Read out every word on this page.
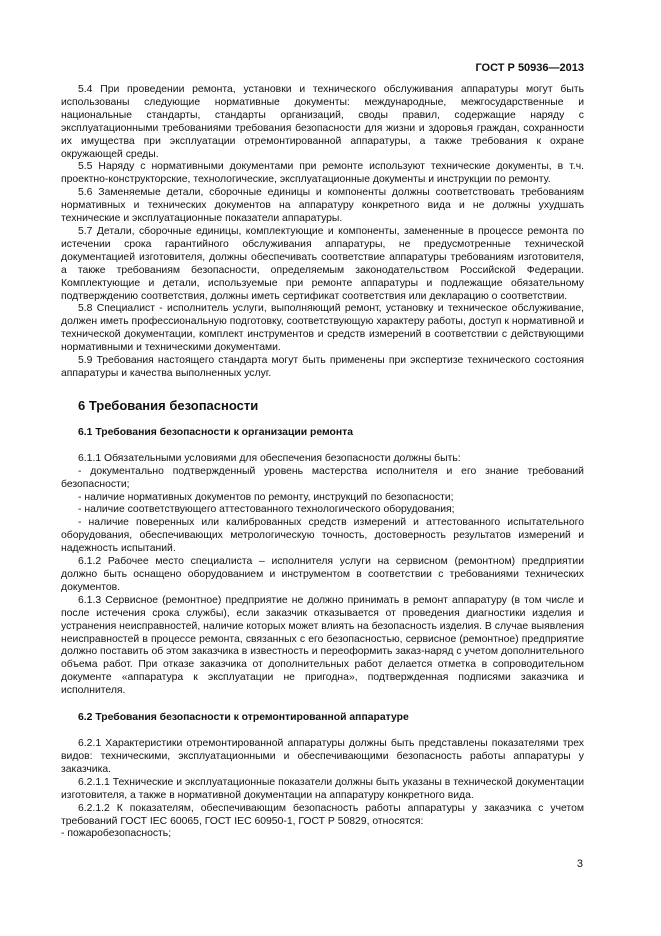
ГОСТ Р 50936—2013

5.4 При проведении ремонта, установки и технического обслуживания аппаратуры могут быть использованы следующие нормативные документы: международные, межгосударственные и национальные стандарты, стандарты организаций, своды правил, содержащие наряду с эксплуатационными требованиями требования безопасности для жизни и здоровья граждан, сохранности их имущества при эксплуатации отремонтированной аппаратуры, а также требования к охране окружающей среды.

5.5 Наряду с нормативными документами при ремонте используют технические документы, в т.ч. проектно-конструкторские, технологические, эксплуатационные документы и инструкции по ремонту.

5.6 Заменяемые детали, сборочные единицы и компоненты должны соответствовать требованиям нормативных и технических документов на аппаратуру конкретного вида и не должны ухудшать технические и эксплуатационные показатели аппаратуры.

5.7 Детали, сборочные единицы, комплектующие и компоненты, замененные в процессе ремонта по истечении срока гарантийного обслуживания аппаратуры, не предусмотренные технической документацией изготовителя, должны обеспечивать соответствие аппаратуры требованиям изготовителя, а также требованиям безопасности, определяемым законодательством Российской Федерации. Комплектующие и детали, используемые при ремонте аппаратуры и подлежащие обязательному подтверждению соответствия, должны иметь сертификат соответствия или декларацию о соответствии.

5.8 Специалист - исполнитель услуги, выполняющий ремонт, установку и техническое обслуживание, должен иметь профессиональную подготовку, соответствующую характеру работы, доступ к нормативной и технической документации, комплект инструментов и средств измерений в соответствии с действующими нормативными и техническими документами.

5.9 Требования настоящего стандарта могут быть применены при экспертизе технического состояния аппаратуры и качества выполненных услуг.

6 Требования безопасности
6.1 Требования безопасности к организации ремонта

6.1.1 Обязательными условиями для обеспечения безопасности должны быть:

- документально подтвержденный уровень мастерства исполнителя и его знание требований безопасности;

- наличие нормативных документов по ремонту, инструкций по безопасности;

- наличие соответствующего аттестованного технологического оборудования;

- наличие поверенных или калиброванных средств измерений и аттестованного испытательного оборудования, обеспечивающих метрологическую точность, достоверность результатов измерений и надежность испытаний.

6.1.2 Рабочее место специалиста – исполнителя услуги на сервисном (ремонтном) предприятии должно быть оснащено оборудованием и инструментом в соответствии с требованиями технических документов.

6.1.3 Сервисное (ремонтное) предприятие не должно принимать в ремонт аппаратуру (в том числе и после истечения срока службы), если заказчик отказывается от проведения диагностики изделия и устранения неисправностей, наличие которых может влиять на безопасность изделия. В случае выявления неисправностей в процессе ремонта, связанных с его безопасностью, сервисное (ремонтное) предприятие должно поставить об этом заказчика в известность и переоформить заказ-наряд с учетом дополнительного объема работ. При отказе заказчика от дополнительных работ делается отметка в сопроводительном документе «аппаратура к эксплуатации не пригодна», подтвержденная подписями заказчика и исполнителя.

6.2 Требования безопасности к отремонтированной аппаратуре

6.2.1 Характеристики отремонтированной аппаратуры должны быть представлены показателями трех видов: техническими, эксплуатационными и обеспечивающими безопасность работы аппаратуры у заказчика.

6.2.1.1 Технические и эксплуатационные показатели должны быть указаны в технической документации изготовителя, а также в нормативной документации на аппаратуру конкретного вида.

6.2.1.2 К показателям, обеспечивающим безопасность работы аппаратуры у заказчика с учетом требований ГОСТ IEC 60065, ГОСТ IEC 60950-1, ГОСТ Р 50829, относятся:

- пожаробезопасность;

3
